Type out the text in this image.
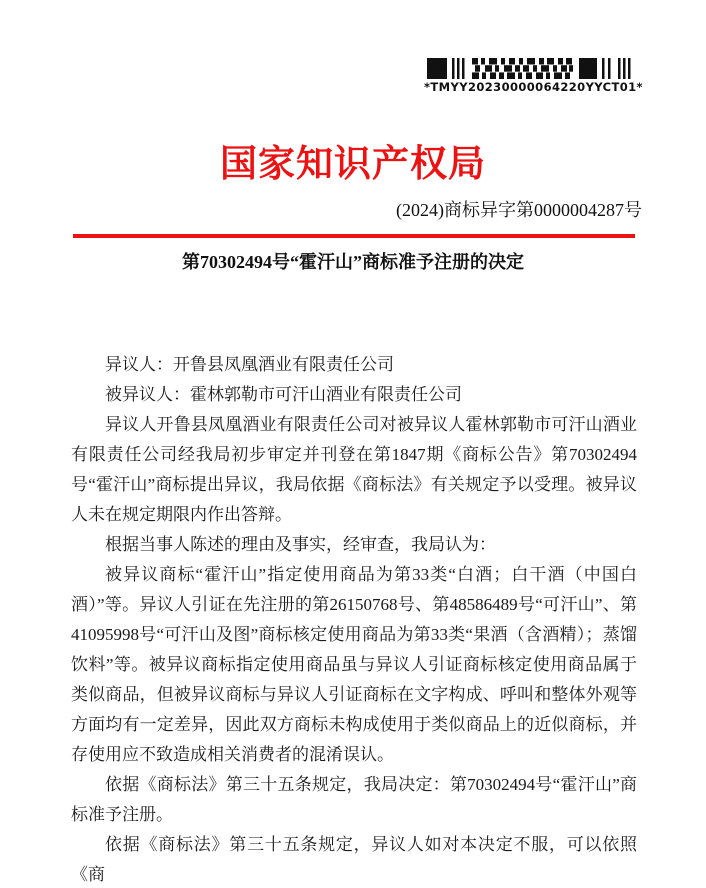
*TMYY20230000064220YYCT01*
国家知识产权局
(2024)商标异字第0000004287号
第70302494号“霍汗山”商标准予注册的决定

异议人：开鲁县凤凰酒业有限责任公司

被异议人：霍林郭勒市可汗山酒业有限责任公司

异议人开鲁县凤凰酒业有限责任公司对被异议人霍林郭勒市可汗山酒业有限责任公司经我局初步审定并刊登在第1847期《商标公告》第70302494号“霍汗山”商标提出异议，我局依据《商标法》有关规定予以受理。被异议人未在规定期限内作出答辩。

根据当事人陈述的理由及事实，经审查，我局认为：

被异议商标“霍汗山”指定使用商品为第33类“白酒；白干酒（中国白酒）”等。异议人引证在先注册的第26150768号、第48586489号“可汗山”、第41095998号“可汗山及图”商标核定使用商品为第33类“果酒（含酒精）；蒸馏饮料”等。被异议商标指定使用商品虽与异议人引证商标核定使用商品属于类似商品，但被异议商标与异议人引证商标在文字构成、呼叫和整体外观等方面均有一定差异，因此双方商标未构成使用于类似商品上的近似商标，并存使用应不致造成相关消费者的混淆误认。

依据《商标法》第三十五条规定，我局决定：第70302494号“霍汗山”商标准予注册。

依据《商标法》第三十五条规定，异议人如对本决定不服，可以依照《商
